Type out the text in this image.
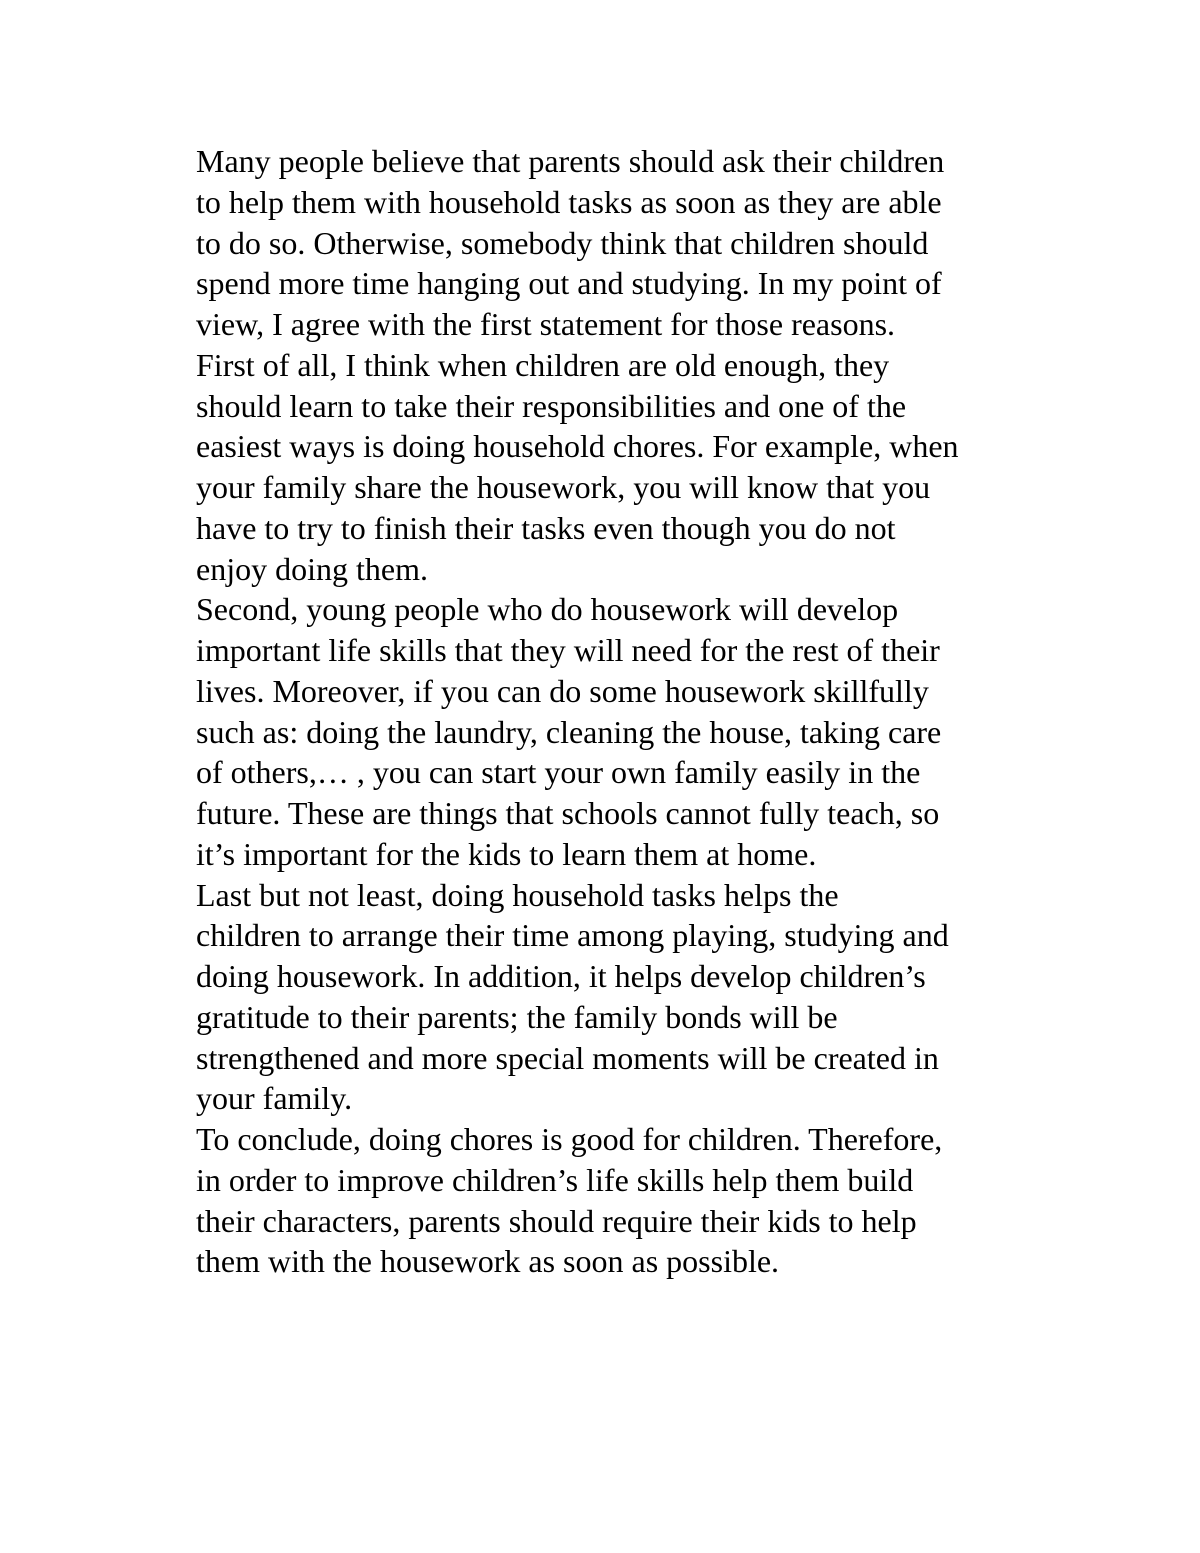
Many people believe that parents should ask their children
to help them with household tasks as soon as they are able
to do so. Otherwise, somebody think that children should
spend more time hanging out and studying. In my point of
view, I agree with the first statement for those reasons.

First of all, I think when children are old enough, they
should learn to take their responsibilities and one of the
easiest ways is doing household chores. For example, when
your family share the housework, you will know that you
have to try to finish their tasks even though you do not
enjoy doing them.

Second, young people who do housework will develop
important life skills that they will need for the rest of their
lives. Moreover, if you can do some housework skillfully
such as: doing the laundry, cleaning the house, taking care
of others,… , you can start your own family easily in the
future. These are things that schools cannot fully teach, so
it’s important for the kids to learn them at home.

Last but not least, doing household tasks helps the
children to arrange their time among playing, studying and
doing housework. In addition, it helps develop children’s
gratitude to their parents; the family bonds will be
strengthened and more special moments will be created in
your family.

To conclude, doing chores is good for children. Therefore,
in order to improve children’s life skills help them build
their characters, parents should require their kids to help
them with the housework as soon as possible.
